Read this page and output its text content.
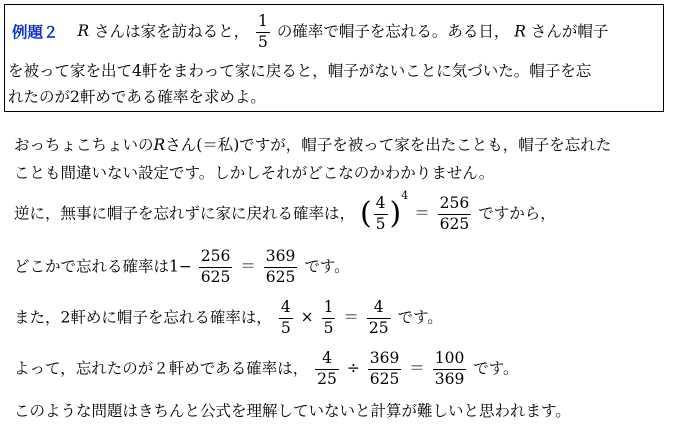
例題２ R さんは家を訪ねると， $\frac{1}{5}$ の確率で帽子を忘れる。ある日， R さんが帽子
を被って家を出て4軒をまわって家に戻ると，帽子がないことに気づいた。帽子を忘
れたのが2軒めである確率を求めよ。
おっちょこちょいのRさん(＝私)ですが，帽子を被って家を出たことも，帽子を忘れた
ことも間違いない設定です。しかしそれがどこなのかわかりません。
逆に，無事に帽子を忘れずに家に戻れる確率は， ( $\frac{4}{5} )^4 = \frac{256}{625}$ ですから，
どこかで忘れる確率は$1- \frac{256}{625} = \frac{369}{625}$ です。
また，2軒めに帽子を忘れる確率は， $\frac{4}{5} \times \frac{1}{5} = \frac{4}{25}$ です。
よって，忘れたのが２軒めである確率は， $\frac{4}{25} \div \frac{369}{625} = \frac{100}{369}$ です。
このような問題はきちんと公式を理解していないと計算が難しいと思われます。
